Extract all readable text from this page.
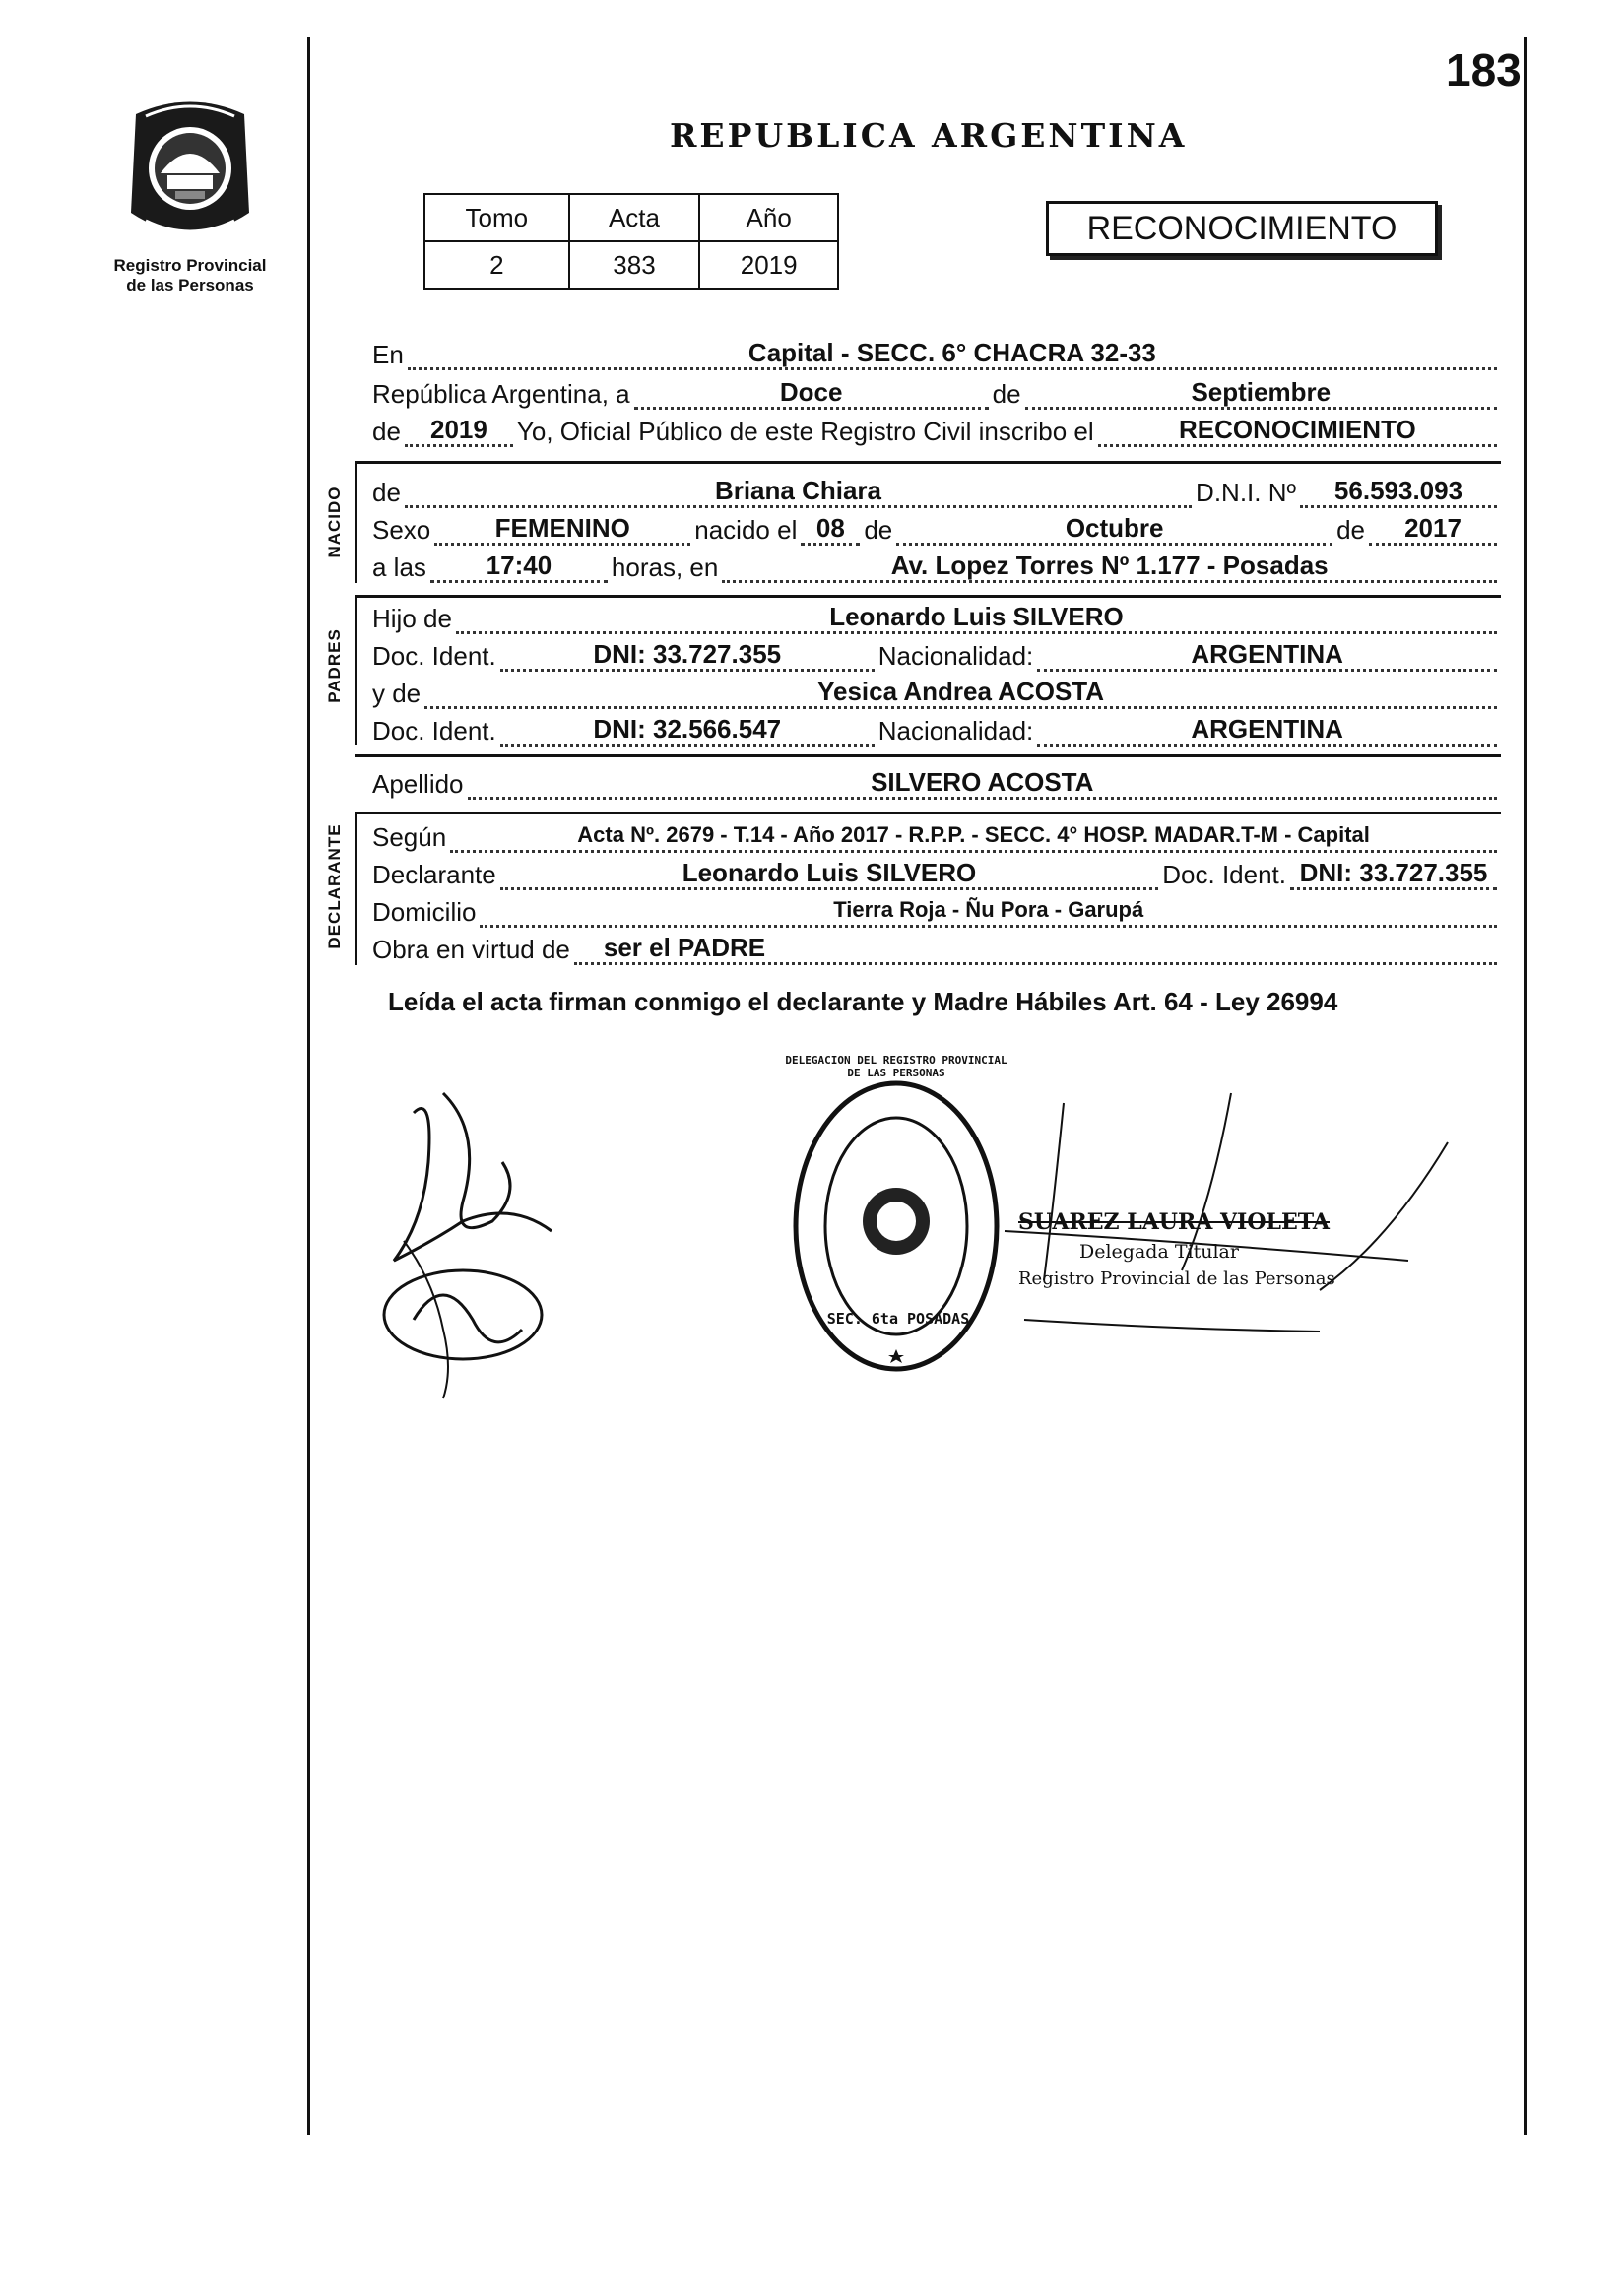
183
Registro Provincial
de las Personas
REPUBLICA ARGENTINA
Tomo	Acta	Año
2	383	2019
RECONOCIMIENTO
En	Capital - SECC. 6° CHACRA 32-33
República Argentina, a	Doce	de	Septiembre
de	2019	Yo, Oficial Público de este Registro Civil inscribo el	RECONOCIMIENTO
NACIDO de	Briana Chiara	D.N.I. Nº	56.593.093
Sexo	FEMENINO	nacido el 08 de	Octubre	de	2017
a las	17:40	horas, en	Av. Lopez Torres Nº 1.177 - Posadas
PADRES
Hijo de	Leonardo Luis SILVERO
Doc. Ident.	DNI: 33.727.355	Nacionalidad:	ARGENTINA
y de	Yesica Andrea ACOSTA
Doc. Ident.	DNI: 32.566.547	Nacionalidad:	ARGENTINA
Apellido	SILVERO ACOSTA
DECLARANTE Según	Acta Nº. 2679 - T.14 - Año 2017 - R.P.P. - SECC. 4° HOSP. MADAR.T-M - Capital
Declarante	Leonardo Luis SILVERO	Doc. Ident. DNI: 33.727.355
Domicilio	Tierra Roja - Ñu Pora - Garupá
Obra en virtud de	ser el PADRE
Leída el acta firman conmigo el declarante y Madre Hábiles Art. 64 - Ley 26994
SEC. 6ta POSADAS
DELEGACION DEL REGISTRO PROVINCIAL DE LAS PERSONAS
SUAREZ LAURA VIOLETA
Delegada Titular
Registro Provincial de las Personas
